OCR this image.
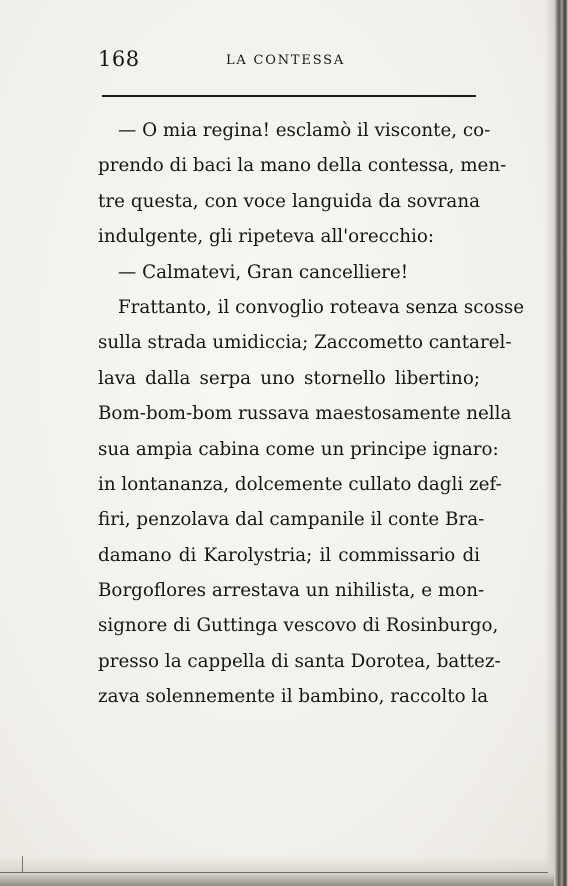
168	LA CONTESSA
— O mia regina! esclamò il visconte, co-
prendo di baci la mano della contessa, men-
tre questa, con voce languida da sovrana
indulgente, gli ripeteva all'orecchio:
— Calmatevi, Gran cancelliere!
Frattanto, il convoglio roteava senza scosse
sulla strada umidiccia; Zaccometto cantarel-
lava dalla serpa uno stornello libertino;
Bom-bom-bom russava maestosamente nella
sua ampia cabina come un principe ignaro:
in lontananza, dolcemente cullato dagli zef-
firi, penzolava dal campanile il conte Bra-
damano di Karolystria; il commissario di
Borgoflores arrestava un nihilista, e mon-
signore di Guttinga vescovo di Rosinburgo,
presso la cappella di santa Dorotea, battez-
zava solennemente il bambino, raccolto la
